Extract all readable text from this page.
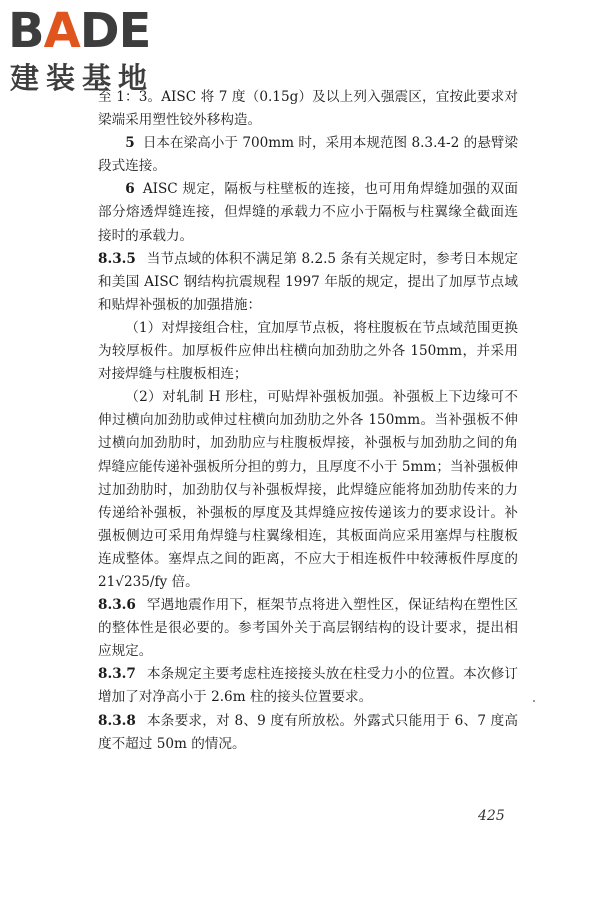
BADE
建装基地

至 1：3。AISC 将 7 度（0.15g）及以上列入强震区，宜按此要求对梁端采用塑性铰外移构造。

5 日本在梁高小于 700mm 时，采用本规范图 8.3.4-2 的悬臂梁段式连接。

6 AISC 规定，隔板与柱壁板的连接，也可用角焊缝加强的双面部分熔透焊缝连接，但焊缝的承载力不应小于隔板与柱翼缘全截面连接时的承载力。

8.3.5 当节点域的体积不满足第 8.2.5 条有关规定时，参考日本规定和美国 AISC 钢结构抗震规程 1997 年版的规定，提出了加厚节点域和贴焊补强板的加强措施：

（1）对焊接组合柱，宜加厚节点板，将柱腹板在节点域范围更换为较厚板件。加厚板件应伸出柱横向加劲肋之外各 150mm，并采用对接焊缝与柱腹板相连；

（2）对轧制 H 形柱，可贴焊补强板加强。补强板上下边缘可不伸过横向加劲肋或伸过柱横向加劲肋之外各 150mm。当补强板不伸过横向加劲肋时，加劲肋应与柱腹板焊接，补强板与加劲肋之间的角焊缝应能传递补强板所分担的剪力，且厚度不小于 5mm；当补强板伸过加劲肋时，加劲肋仅与补强板焊接，此焊缝应能将加劲肋传来的力传递给补强板，补强板的厚度及其焊缝应按传递该力的要求设计。补强板侧边可采用角焊缝与柱翼缘相连，其板面尚应采用塞焊与柱腹板连成整体。塞焊点之间的距离，不应大于相连板件中较薄板件厚度的 21√235/fy 倍。

8.3.6 罕遇地震作用下，框架节点将进入塑性区，保证结构在塑性区的整体性是很必要的。参考国外关于高层钢结构的设计要求，提出相应规定。

8.3.7 本条规定主要考虑柱连接接头放在柱受力小的位置。本次修订增加了对净高小于 2.6m 柱的接头位置要求。

8.3.8 本条要求，对 8、9 度有所放松。外露式只能用于 6、7 度高度不超过 50m 的情况。

425
